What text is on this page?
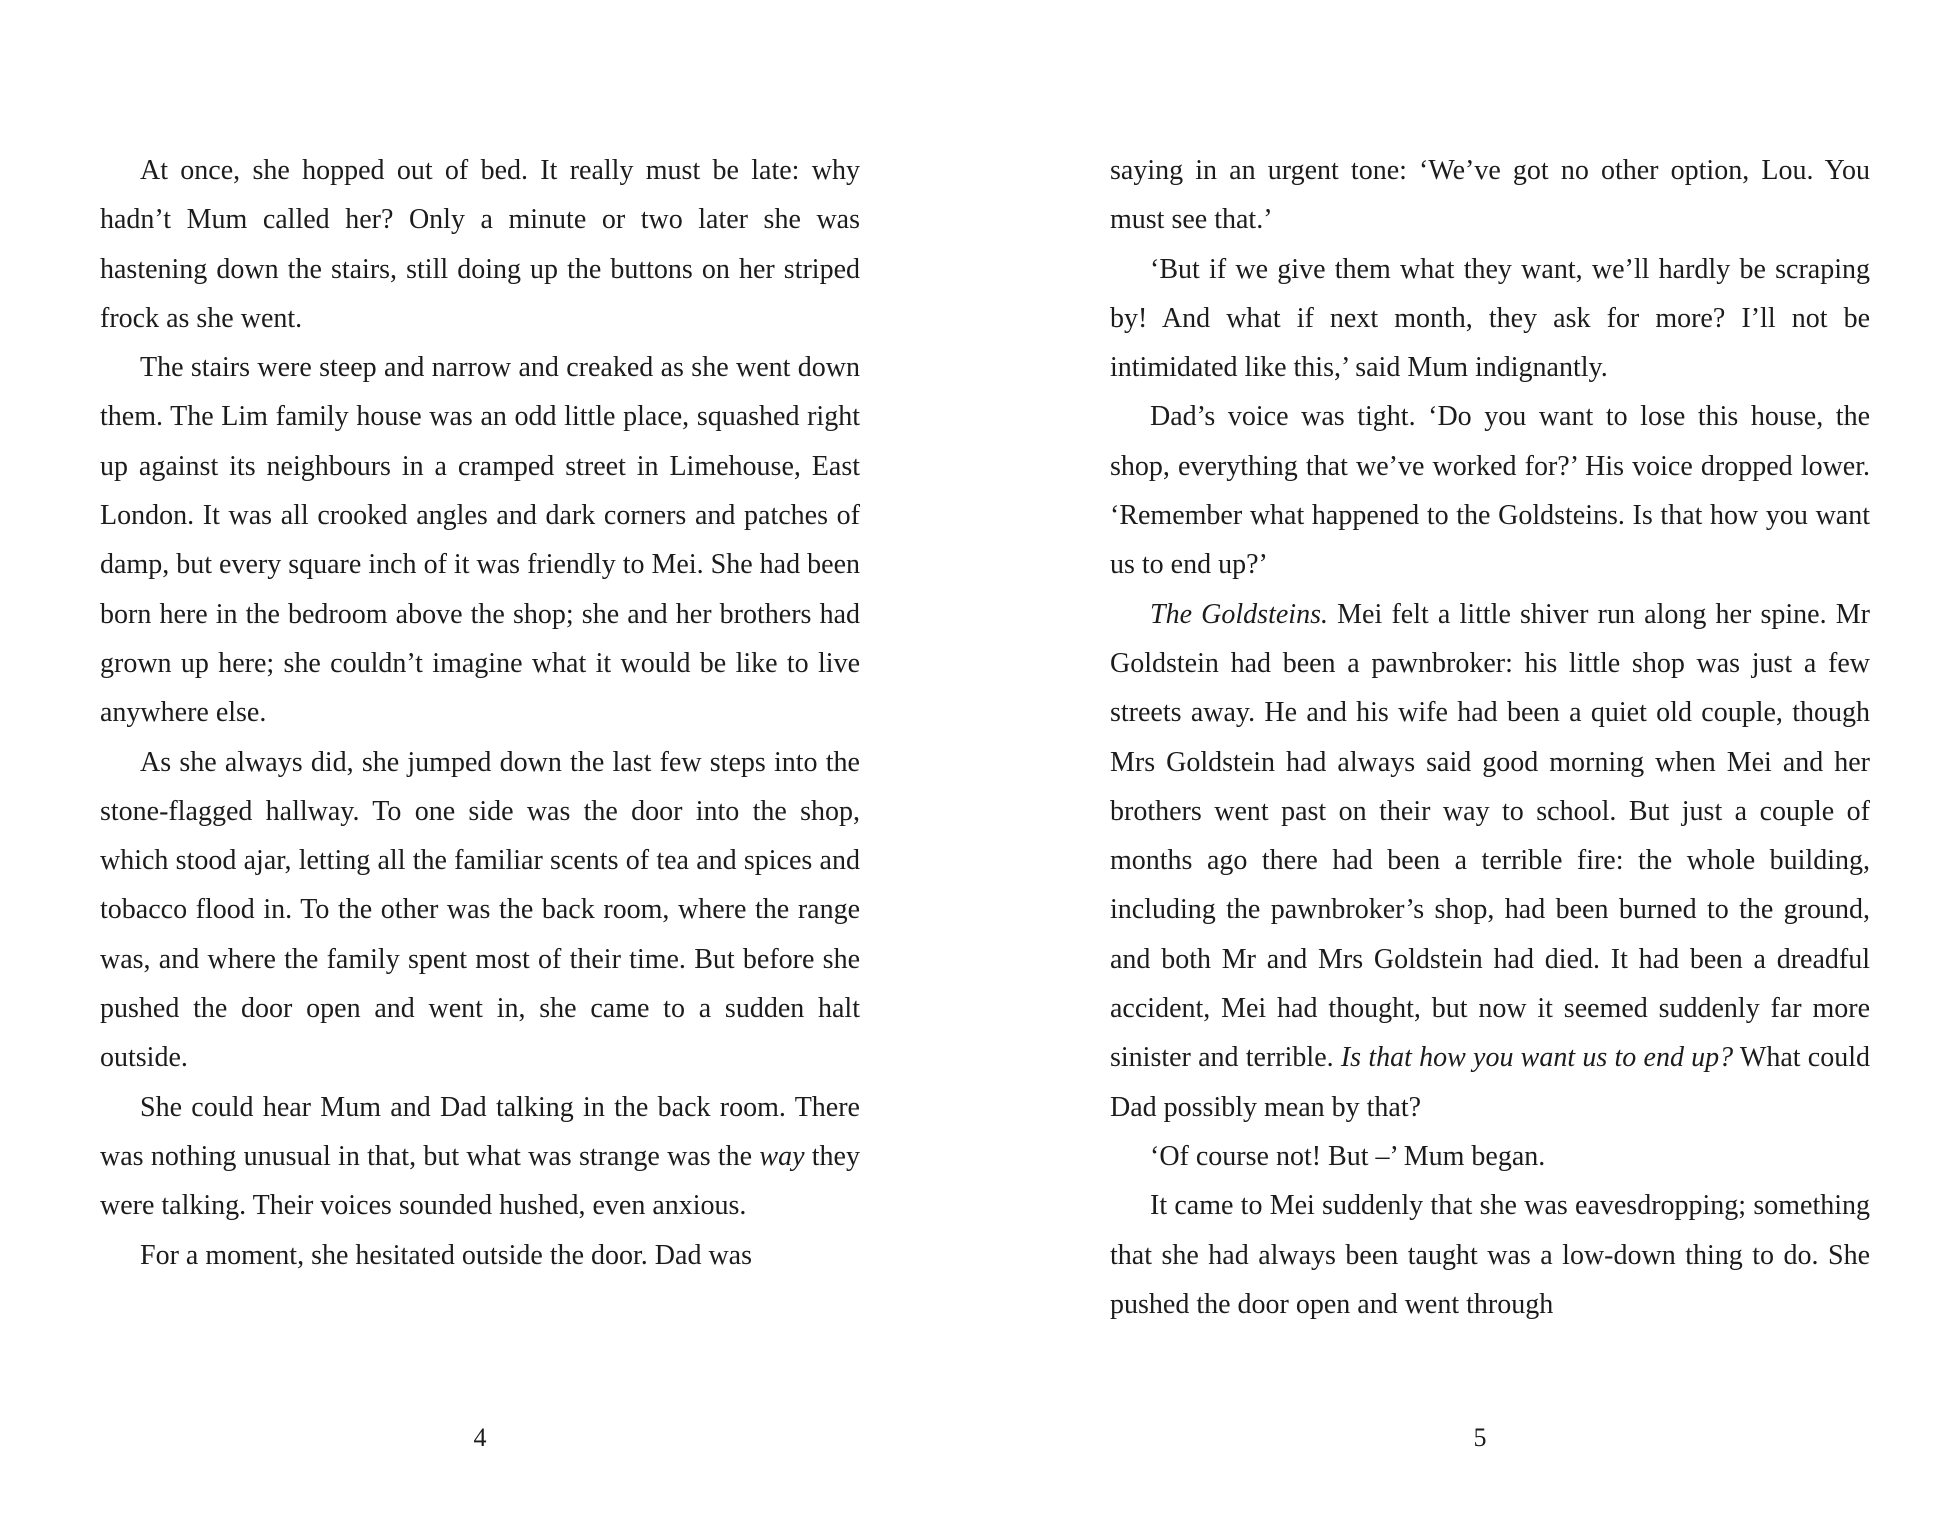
At once, she hopped out of bed. It really must be late: why hadn’t Mum called her? Only a minute or two later she was hastening down the stairs, still doing up the buttons on her striped frock as she went.

The stairs were steep and narrow and creaked as she went down them. The Lim family house was an odd little place, squashed right up against its neighbours in a cramped street in Limehouse, East London. It was all crooked angles and dark corners and patches of damp, but every square inch of it was friendly to Mei. She had been born here in the bedroom above the shop; she and her brothers had grown up here; she couldn’t imagine what it would be like to live anywhere else.

As she always did, she jumped down the last few steps into the stone-flagged hallway. To one side was the door into the shop, which stood ajar, letting all the familiar scents of tea and spices and tobacco flood in. To the other was the back room, where the range was, and where the family spent most of their time. But before she pushed the door open and went in, she came to a sudden halt outside.

She could hear Mum and Dad talking in the back room. There was nothing unusual in that, but what was strange was the way they were talking. Their voices sounded hushed, even anxious.

For a moment, she hesitated outside the door. Dad was

saying in an urgent tone: ‘We’ve got no other option, Lou. You must see that.’

‘But if we give them what they want, we’ll hardly be scraping by! And what if next month, they ask for more? I’ll not be intimidated like this,’ said Mum indignantly.

Dad’s voice was tight. ‘Do you want to lose this house, the shop, everything that we’ve worked for?’ His voice dropped lower. ‘Remember what happened to the Goldsteins. Is that how you want us to end up?’

The Goldsteins. Mei felt a little shiver run along her spine. Mr Goldstein had been a pawnbroker: his little shop was just a few streets away. He and his wife had been a quiet old couple, though Mrs Goldstein had always said good morning when Mei and her brothers went past on their way to school. But just a couple of months ago there had been a terrible fire: the whole building, including the pawnbroker’s shop, had been burned to the ground, and both Mr and Mrs Goldstein had died. It had been a dreadful accident, Mei had thought, but now it seemed suddenly far more sinister and terrible. Is that how you want us to end up? What could Dad possibly mean by that?

‘Of course not! But –’ Mum began.

It came to Mei suddenly that she was eavesdropping; something that she had always been taught was a low-down thing to do. She pushed the door open and went through

4	5
